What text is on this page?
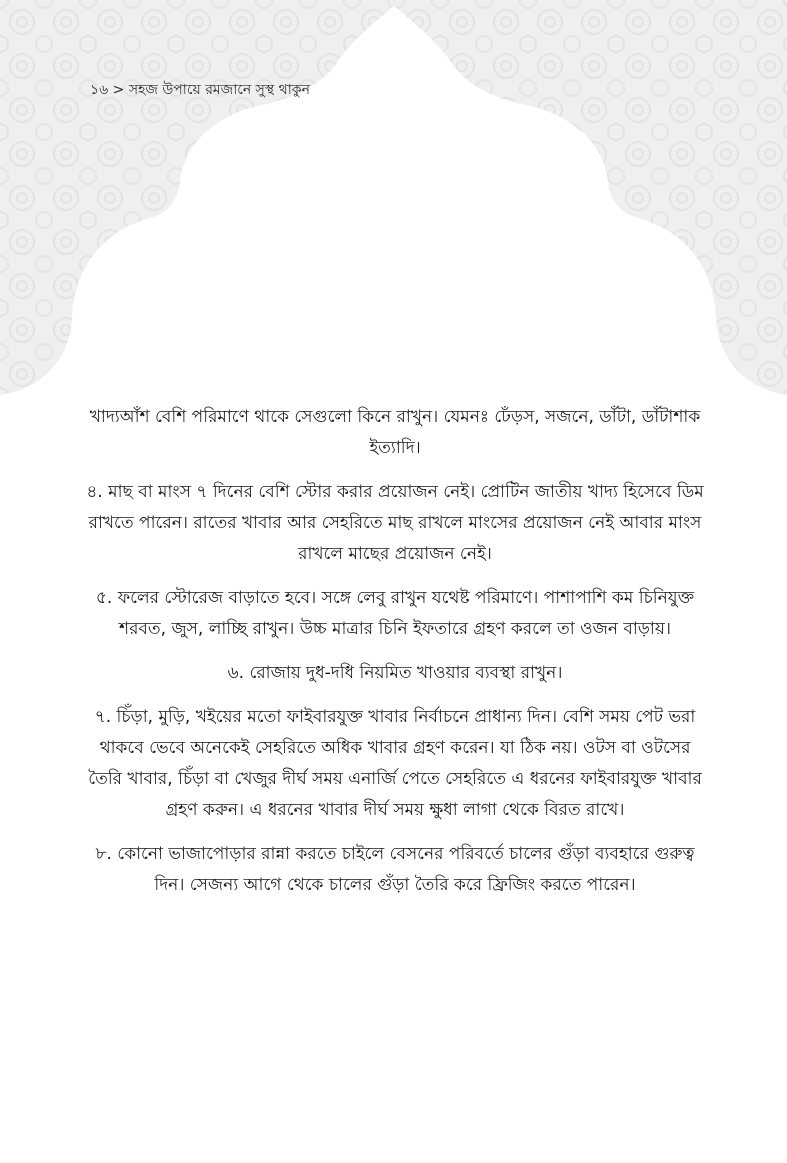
১৬ > সহজ উপায়ে রমজানে সুস্থ থাকুন

খাদ্যআঁশ বেশি পরিমাণে থাকে সেগুলো কিনে রাখুন। যেমনঃ ঢেঁড়স, সজনে, ডাঁটা, ডাঁটাশাক ইত্যাদি।

৪. মাছ বা মাংস ৭ দিনের বেশি স্টোর করার প্রয়োজন নেই। প্রোটিন জাতীয় খাদ্য হিসেবে ডিম রাখতে পারেন। রাতের খাবার আর সেহরিতে মাছ রাখলে মাংসের প্রয়োজন নেই আবার মাংস রাখলে মাছের প্রয়োজন নেই।

৫. ফলের স্টোরেজ বাড়াতে হবে। সঙ্গে লেবু রাখুন যথেষ্ট পরিমাণে। পাশাপাশি কম চিনিযুক্ত শরবত, জুস, লাচ্ছি রাখুন। উচ্চ মাত্রার চিনি ইফতারে গ্রহণ করলে তা ওজন বাড়ায়।

৬. রোজায় দুধ-দধি নিয়মিত খাওয়ার ব্যবস্থা রাখুন।

৭. চিঁড়া, মুড়ি, খইয়ের মতো ফাইবারযুক্ত খাবার নির্বাচনে প্রাধান্য দিন। বেশি সময় পেট ভরা থাকবে ভেবে অনেকেই সেহরিতে অধিক খাবার গ্রহণ করেন। যা ঠিক নয়। ওটস বা ওটসের তৈরি খাবার, চিঁড়া বা খেজুর দীর্ঘ সময় এনার্জি পেতে সেহরিতে এ ধরনের ফাইবারযুক্ত খাবার গ্রহণ করুন। এ ধরনের খাবার দীর্ঘ সময় ক্ষুধা লাগা থেকে বিরত রাখে।

৮. কোনো ভাজাপোড়ার রান্না করতে চাইলে বেসনের পরিবর্তে চালের গুঁড়া ব্যবহারে গুরুত্ব দিন। সেজন্য আগে থেকে চালের গুঁড়া তৈরি করে ফ্রিজিং করতে পারেন।
